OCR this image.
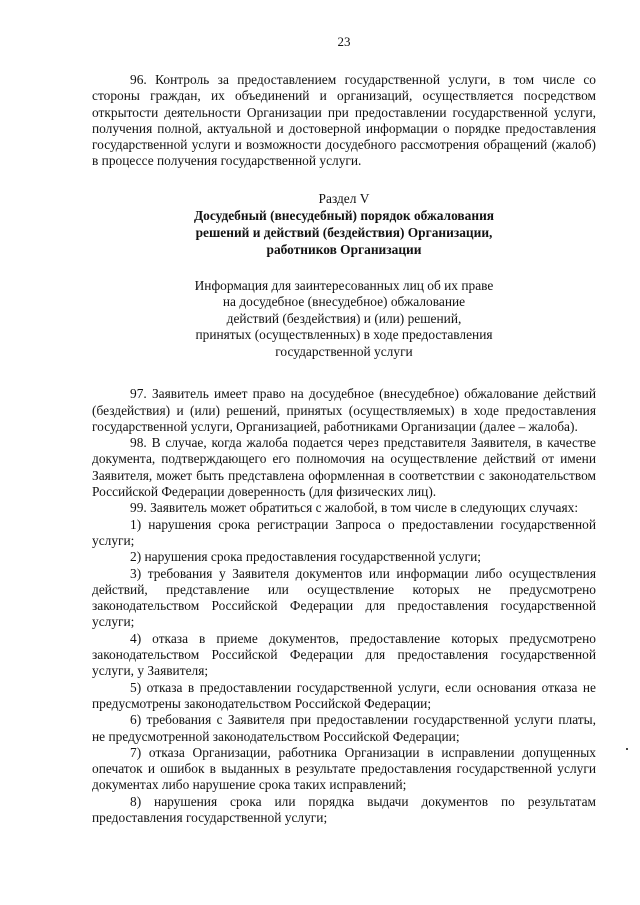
23

96. Контроль за предоставлением государственной услуги, в том числе со стороны граждан, их объединений и организаций, осуществляется посредством открытости деятельности Организации при предоставлении государственной услуги, получения полной, актуальной и достоверной информации о порядке предоставления государственной услуги и возможности досудебного рассмотрения обращений (жалоб) в процессе получения государственной услуги.

Раздел V
Досудебный (внесудебный) порядок обжалования
решений и действий (бездействия) Организации,
работников Организации
Информация для заинтересованных лиц об их праве
на досудебное (внесудебное) обжалование
действий (бездействия) и (или) решений,
принятых (осуществленных) в ходе предоставления
государственной услуги

97. Заявитель имеет право на досудебное (внесудебное) обжалование действий (бездействия) и (или) решений, принятых (осуществляемых) в ходе предоставления государственной услуги, Организацией, работниками Организации (далее – жалоба).

98. В случае, когда жалоба подается через представителя Заявителя, в качестве документа, подтверждающего его полномочия на осуществление действий от имени Заявителя, может быть представлена оформленная в соответствии с законодательством Российской Федерации доверенность (для физических лиц).

99. Заявитель может обратиться с жалобой, в том числе в следующих случаях:

1) нарушения срока регистрации Запроса о предоставлении государственной услуги;

2) нарушения срока предоставления государственной услуги;

3) требования у Заявителя документов или информации либо осуществления действий, представление или осуществление которых не предусмотрено законодательством Российской Федерации для предоставления государственной услуги;

4) отказа в приеме документов, предоставление которых предусмотрено законодательством Российской Федерации для предоставления государственной услуги, у Заявителя;

5) отказа в предоставлении государственной услуги, если основания отказа не предусмотрены законодательством Российской Федерации;

6) требования с Заявителя при предоставлении государственной услуги платы, не предусмотренной законодательством Российской Федерации;

7) отказа Организации, работника Организации в исправлении допущенных опечаток и ошибок в выданных в результате предоставления государственной услуги документах либо нарушение срока таких исправлений;

8) нарушения срока или порядка выдачи документов по результатам предоставления государственной услуги;
